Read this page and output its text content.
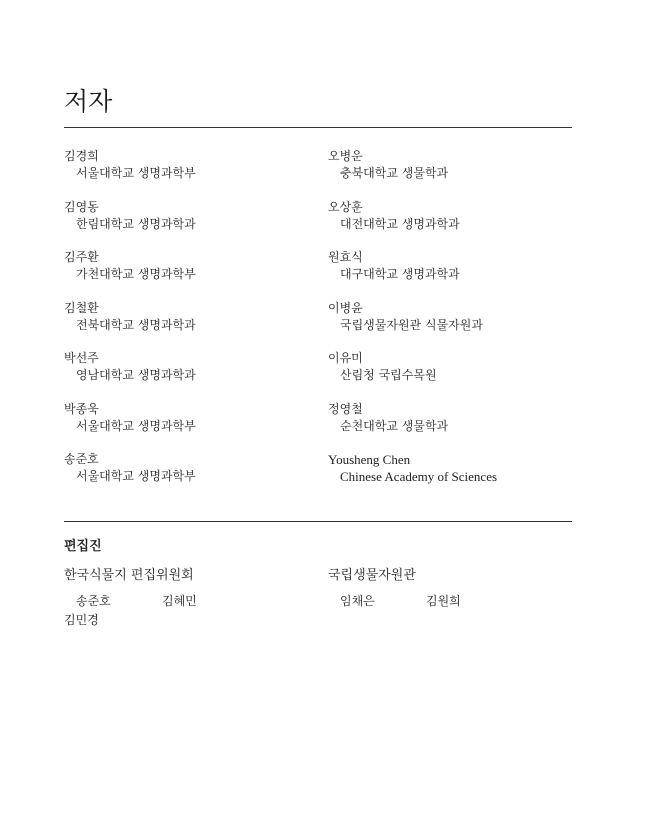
저자
김경희
서울대학교 생명과학부
오병운
충북대학교 생물학과
김영동
한림대학교 생명과학과
오상훈
대전대학교 생명과학과
김주환
가천대학교 생명과학부
원효식
대구대학교 생명과학과
김철환
전북대학교 생명과학과
이병윤
국립생물자원관 식물자원과
박선주
영남대학교 생명과학과
이유미
산림청 국립수목원
박종욱
서울대학교 생명과학부
정영철
순천대학교 생물학과
송준호
서울대학교 생명과학부
Yousheng Chen
Chinese Academy of Sciences
편집진
한국식물지 편집위원회
송준호	김혜민
김민경
국립생물자원관
임채은	김원희
